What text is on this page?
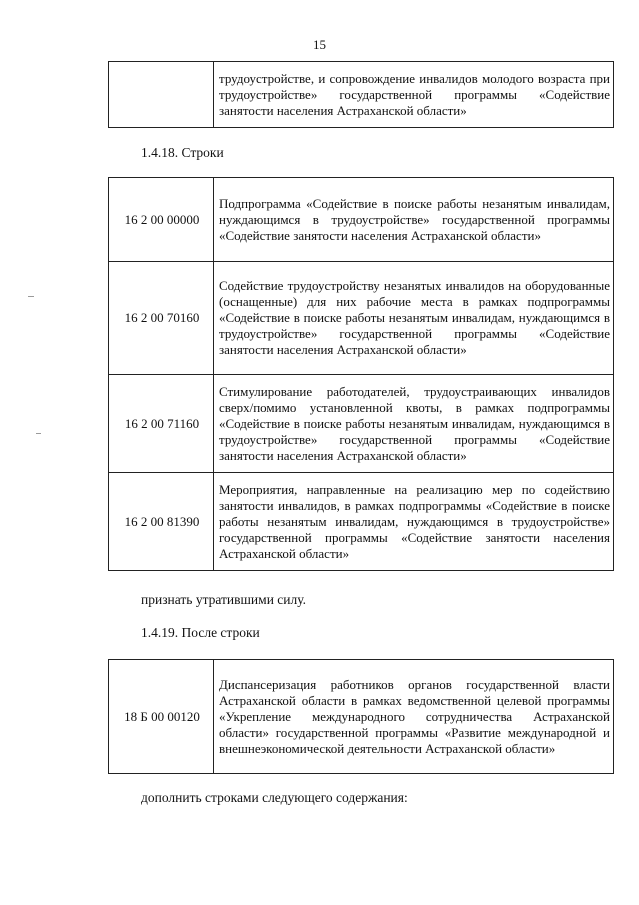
15
	трудоустройстве, и сопровождение инвалидов молодого возраста при трудоустройстве» государственной программы «Содействие занятости населения Астраханской области»
1.4.18. Строки
16 2 00 00000	Подпрограмма «Содействие в поиске работы незанятым инвалидам, нуждающимся в трудоустройстве» государственной программы «Содействие занятости населения Астраханской области»
16 2 00 70160	Содействие трудоустройству незанятых инвалидов на оборудованные (оснащенные) для них рабочие места в рамках подпрограммы «Содействие в поиске работы незанятым инвалидам, нуждающимся в трудоустройстве» государственной программы «Содействие занятости населения Астраханской области»
16 2 00 71160	Стимулирование работодателей, трудоустраивающих инвалидов сверх/помимо установленной квоты, в рамках подпрограммы «Содействие в поиске работы незанятым инвалидам, нуждающимся в трудоустройстве» государственной программы «Содействие занятости населения Астраханской области»
16 2 00 81390	Мероприятия, направленные на реализацию мер по содействию занятости инвалидов, в рамках подпрограммы «Содействие в поиске работы незанятым инвалидам, нуждающимся в трудоустройстве» государственной программы «Содействие занятости населения Астраханской области»
признать утратившими силу.
1.4.19. После строки
18 Б 00 00120	Диспансеризация работников органов государственной власти Астраханской области в рамках ведомственной целевой программы «Укрепление международного сотрудничества Астраханской области» государственной программы «Развитие международной и внешнеэкономической деятельности Астраханской области»
дополнить строками следующего содержания:
